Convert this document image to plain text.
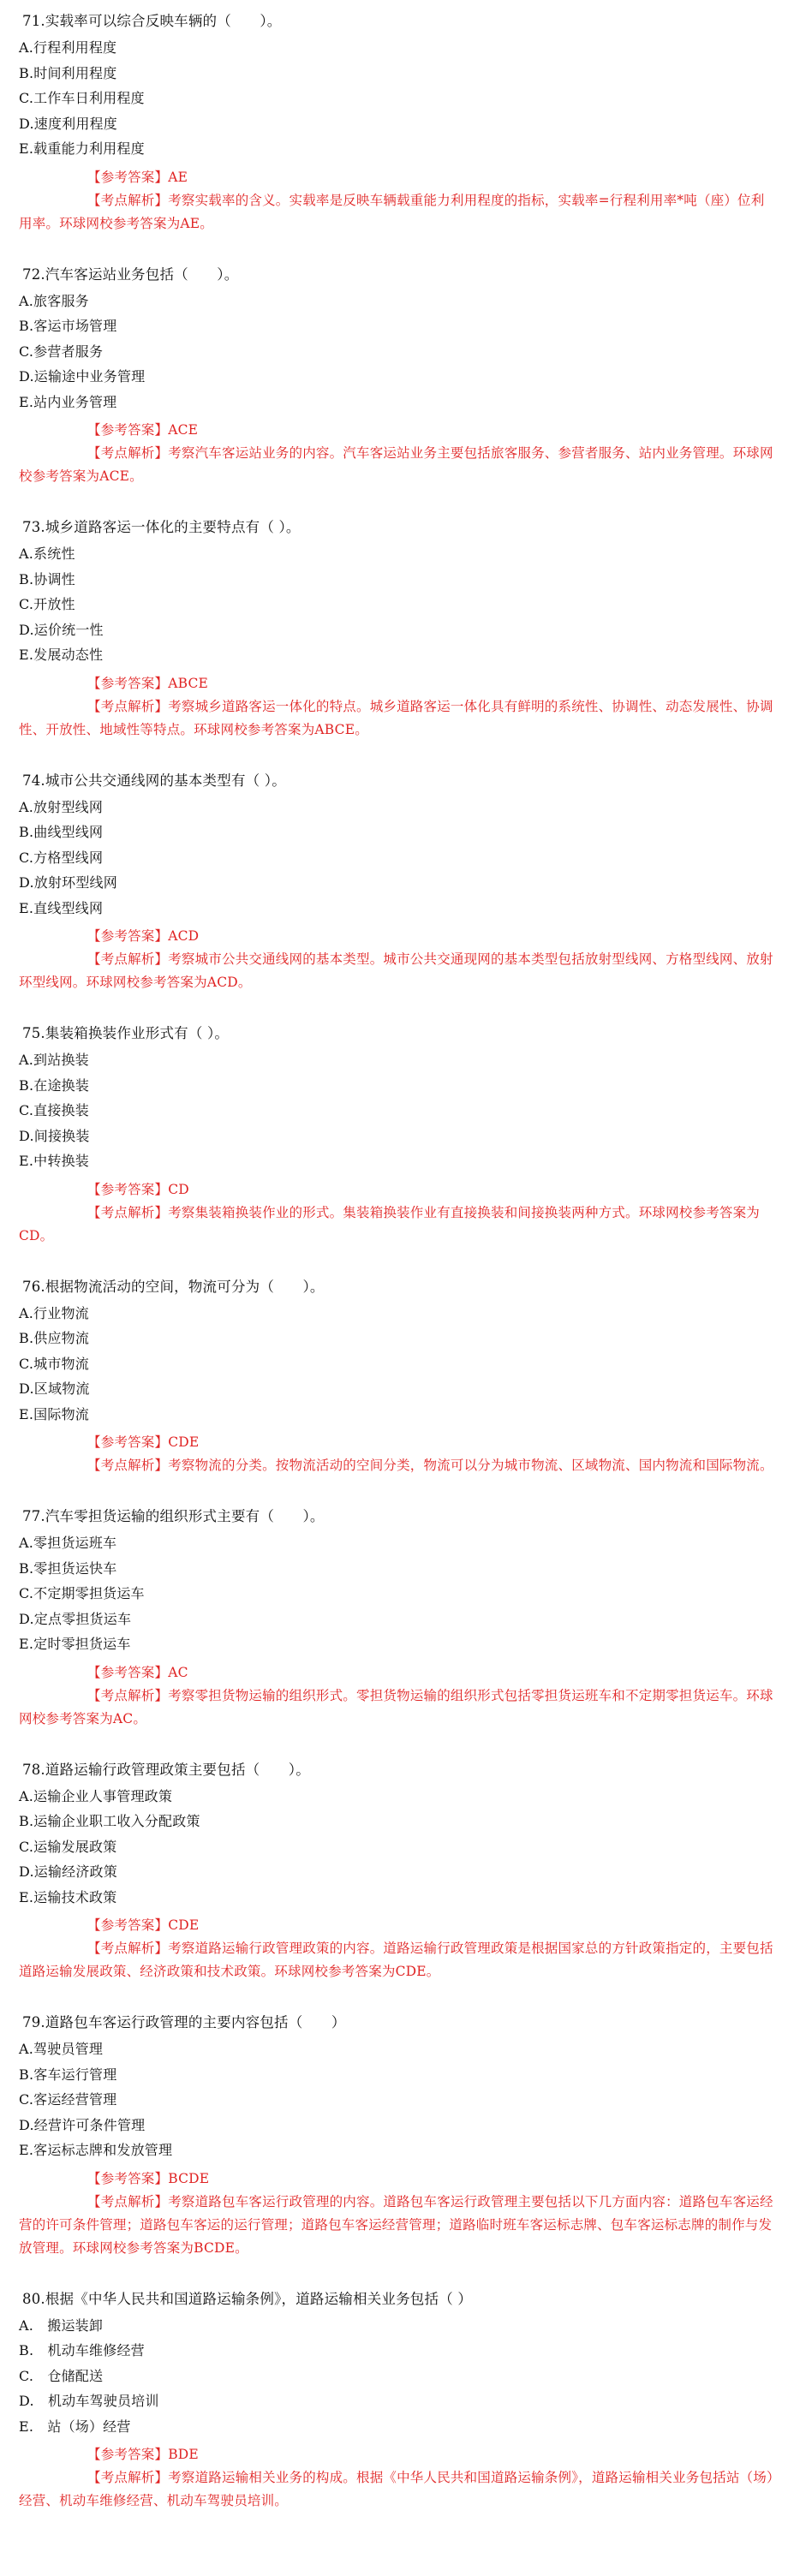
71.实载率可以综合反映车辆的（　　）。

A.行程利用程度
B.时间利用程度
C.工作车日利用程度
D.速度利用程度
E.载重能力利用程度
【参考答案】AE
【考点解析】考察实载率的含义。实载率是反映车辆载重能力利用程度的指标，实载率=行程利用率*吨（座）位利用率。环球网校参考答案为AE。

72.汽车客运站业务包括（　　）。

A.旅客服务
B.客运市场管理
C.参营者服务
D.运输途中业务管理
E.站内业务管理
【参考答案】ACE
【考点解析】考察汽车客运站业务的内容。汽车客运站业务主要包括旅客服务、参营者服务、站内业务管理。环球网校参考答案为ACE。

73.城乡道路客运一体化的主要特点有（ ）。

A.系统性
B.协调性
C.开放性
D.运价统一性
E.发展动态性
【参考答案】ABCE
【考点解析】考察城乡道路客运一体化的特点。城乡道路客运一体化具有鲜明的系统性、协调性、动态发展性、协调性、开放性、地域性等特点。环球网校参考答案为ABCE。

74.城市公共交通线网的基本类型有（ ）。

A.放射型线网
B.曲线型线网
C.方格型线网
D.放射环型线网
E.直线型线网
【参考答案】ACD
【考点解析】考察城市公共交通线网的基本类型。城市公共交通现网的基本类型包括放射型线网、方格型线网、放射环型线网。环球网校参考答案为ACD。

75.集装箱换装作业形式有（ ）。

A.到站换装
B.在途换装
C.直接换装
D.间接换装
E.中转换装
【参考答案】CD
【考点解析】考察集装箱换装作业的形式。集装箱换装作业有直接换装和间接换装两种方式。环球网校参考答案为CD。

76.根据物流活动的空间，物流可分为（　　）。

A.行业物流
B.供应物流
C.城市物流
D.区域物流
E.国际物流
【参考答案】CDE
【考点解析】考察物流的分类。按物流活动的空间分类，物流可以分为城市物流、区域物流、国内物流和国际物流。

77.汽车零担货运输的组织形式主要有（　　）。

A.零担货运班车
B.零担货运快车
C.不定期零担货运车
D.定点零担货运车
E.定时零担货运车
【参考答案】AC
【考点解析】考察零担货物运输的组织形式。零担货物运输的组织形式包括零担货运班车和不定期零担货运车。环球网校参考答案为AC。

78.道路运输行政管理政策主要包括（　　）。

A.运输企业人事管理政策
B.运输企业职工收入分配政策
C.运输发展政策
D.运输经济政策
E.运输技术政策
【参考答案】CDE
【考点解析】考察道路运输行政管理政策的内容。道路运输行政管理政策是根据国家总的方针政策指定的，主要包括道路运输发展政策、经济政策和技术政策。环球网校参考答案为CDE。

79.道路包车客运行政管理的主要内容包括（　　）

A.驾驶员管理
B.客车运行管理
C.客运经营管理
D.经营许可条件管理
E.客运标志牌和发放管理
【参考答案】BCDE
【考点解析】考察道路包车客运行政管理的内容。道路包车客运行政管理主要包括以下几方面内容：道路包车客运经营的许可条件管理；道路包车客运的运行管理；道路包车客运经营管理；道路临时班车客运标志牌、包车客运标志牌的制作与发放管理。环球网校参考答案为BCDE。

80.根据《中华人民共和国道路运输条例》，道路运输相关业务包括（ ）

A.　搬运装卸
B.　机动车维修经营
C.　仓储配送
D.　机动车驾驶员培训
E.　站（场）经营
【参考答案】BDE
【考点解析】考察道路运输相关业务的构成。根据《中华人民共和国道路运输条例》，道路运输相关业务包括站（场）经营、机动车维修经营、机动车驾驶员培训。
